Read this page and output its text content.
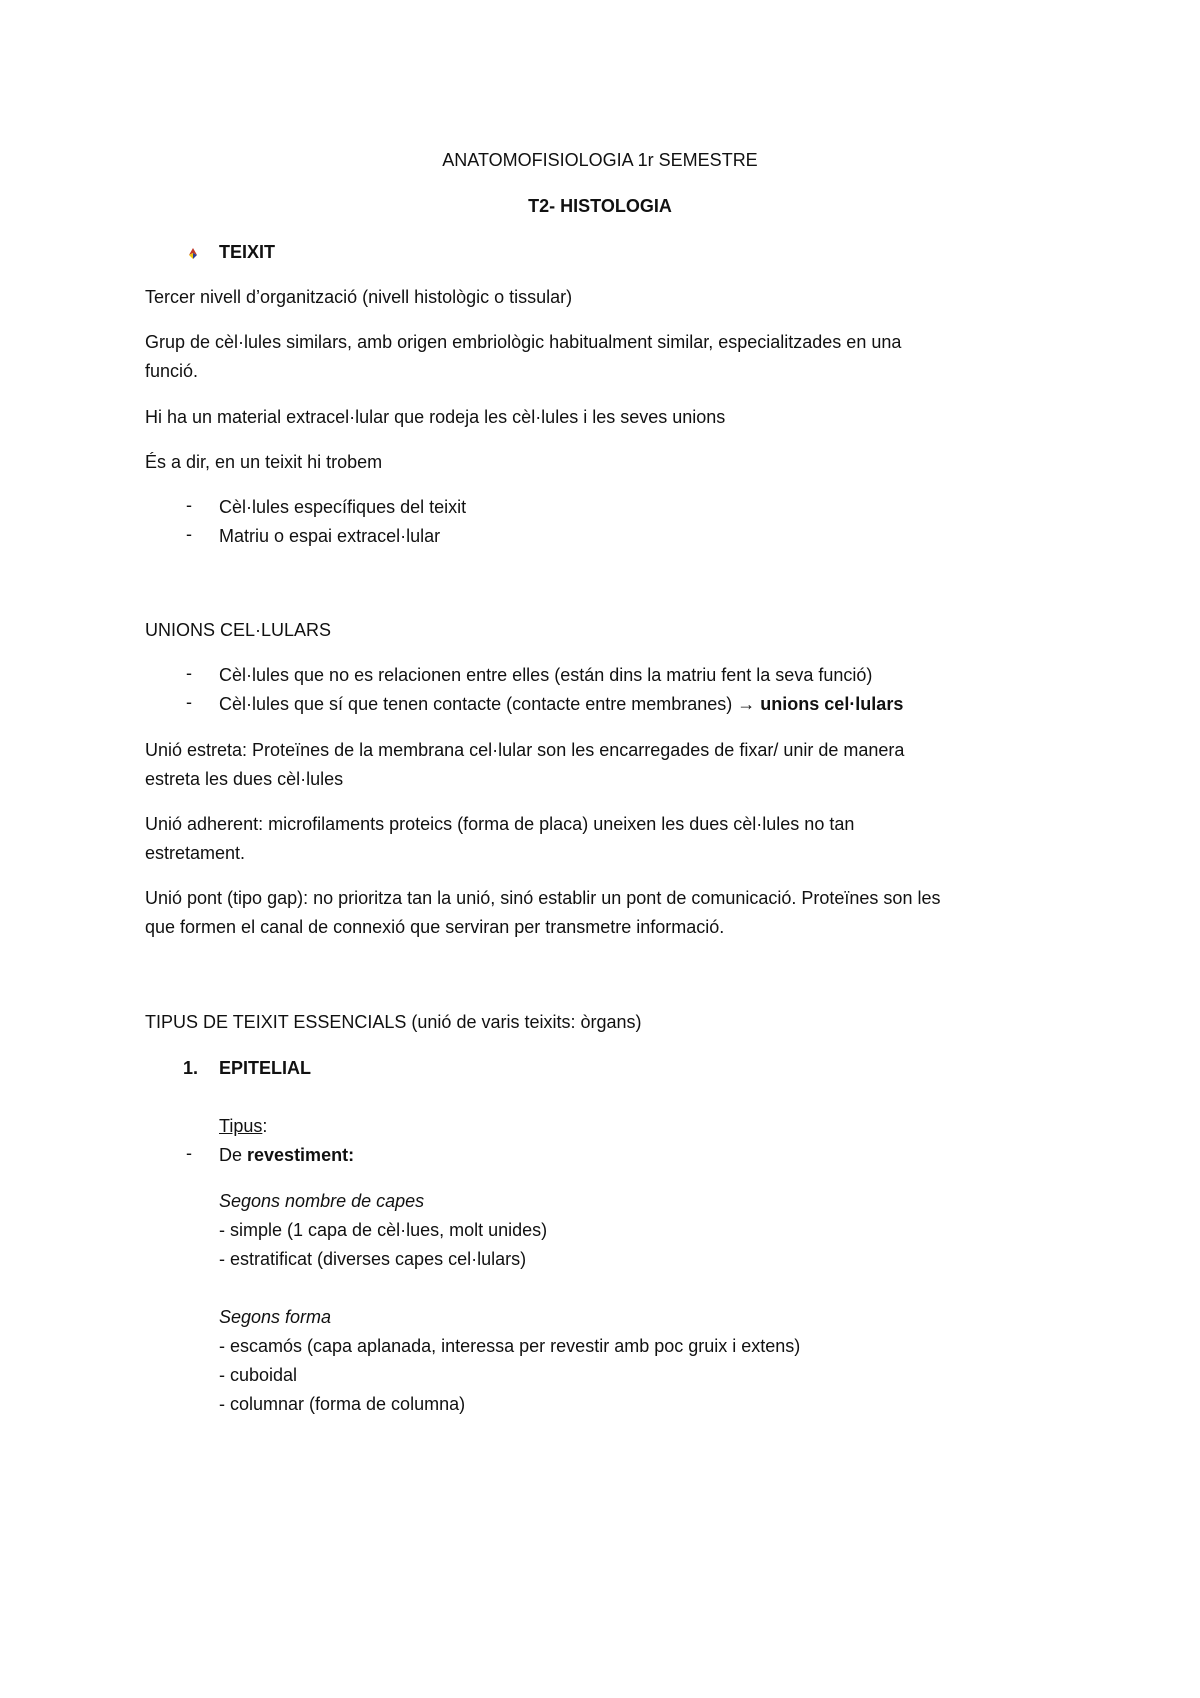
ANATOMOFISIOLOGIA 1r SEMESTRE
T2- HISTOLOGIA
TEIXIT
Tercer nivell d’organització (nivell histològic o tissular)
Grup de cèl·lules similars, amb origen embriològic habitualment similar, especialitzades en una
funció.
Hi ha un material extracel·lular que rodeja les cèl·lules i les seves unions
És a dir, en un teixit hi trobem
- Cèl·lules específiques del teixit
- Matriu o espai extracel·lular
UNIONS CEL·LULARS
- Cèl·lules que no es relacionen entre elles (están dins la matriu fent la seva funció)
- Cèl·lules que sí que tenen contacte (contacte entre membranes) → unions cel·lulars
Unió estreta: Proteïnes de la membrana cel·lular son les encarregades de fixar/ unir de manera
estreta les dues cèl·lules
Unió adherent: microfilaments proteics (forma de placa) uneixen les dues cèl·lules no tan
estretament.
Unió pont (tipo gap): no prioritza tan la unió, sinó establir un pont de comunicació. Proteïnes son les
que formen el canal de connexió que serviran per transmetre informació.
TIPUS DE TEIXIT ESSENCIALS (unió de varis teixits: òrgans)
1. EPITELIAL
Tipus:
- De revestiment:
Segons nombre de capes
- simple (1 capa de cèl·lues, molt unides)
- estratificat (diverses capes cel·lulars)
Segons forma
- escamós (capa aplanada, interessa per revestir amb poc gruix i extens)
- cuboidal
- columnar (forma de columna)
